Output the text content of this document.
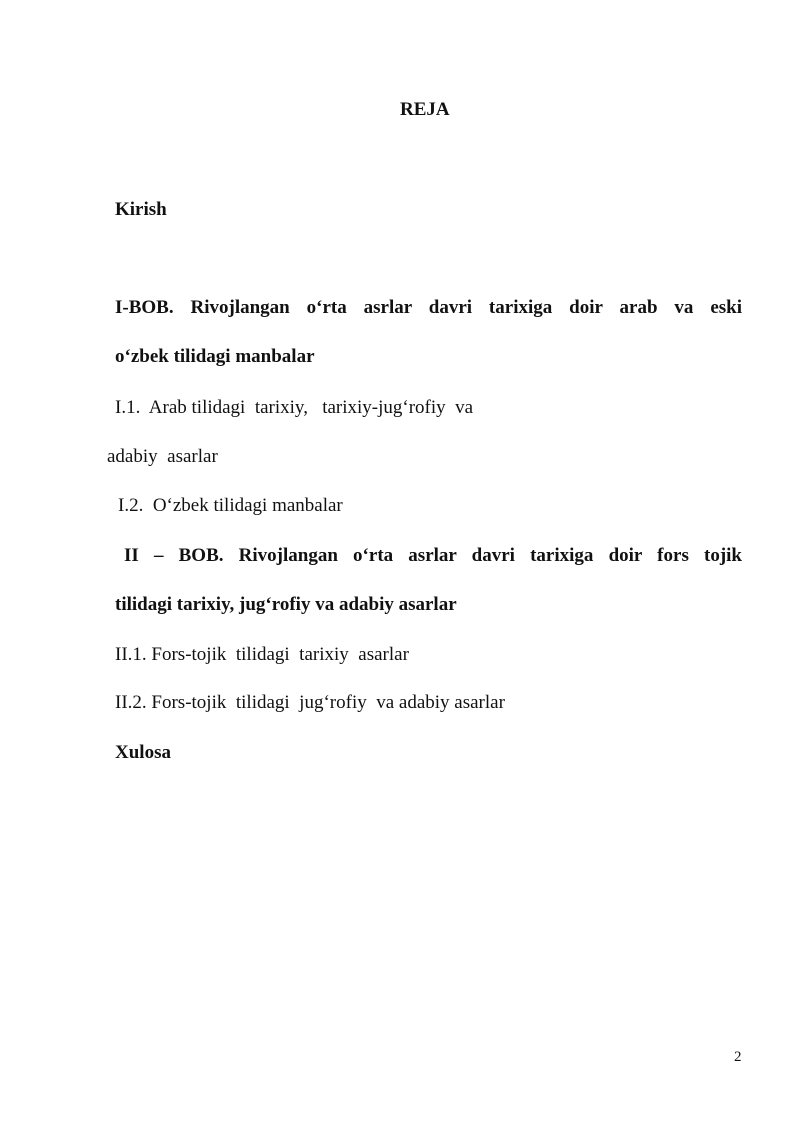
REJA
Kirish
I-BOB. Rivojlangan o‘rta asrlar davri tarixiga doir arab va eski
o‘zbek tilidagi manbalar
I.1.  Arab tilidagi  tarixiy,   tarixiy-jug‘rofiy  va
adabiy  asarlar
I.2.  O‘zbek tilidagi manbalar
II – BOB. Rivojlangan o‘rta asrlar davri tarixiga doir fors tojik
tilidagi tarixiy, jug‘rofiy va adabiy asarlar
II.1. Fors-tojik  tilidagi  tarixiy  asarlar
II.2. Fors-tojik  tilidagi  jug‘rofiy  va adabiy asarlar
Xulosa
2
